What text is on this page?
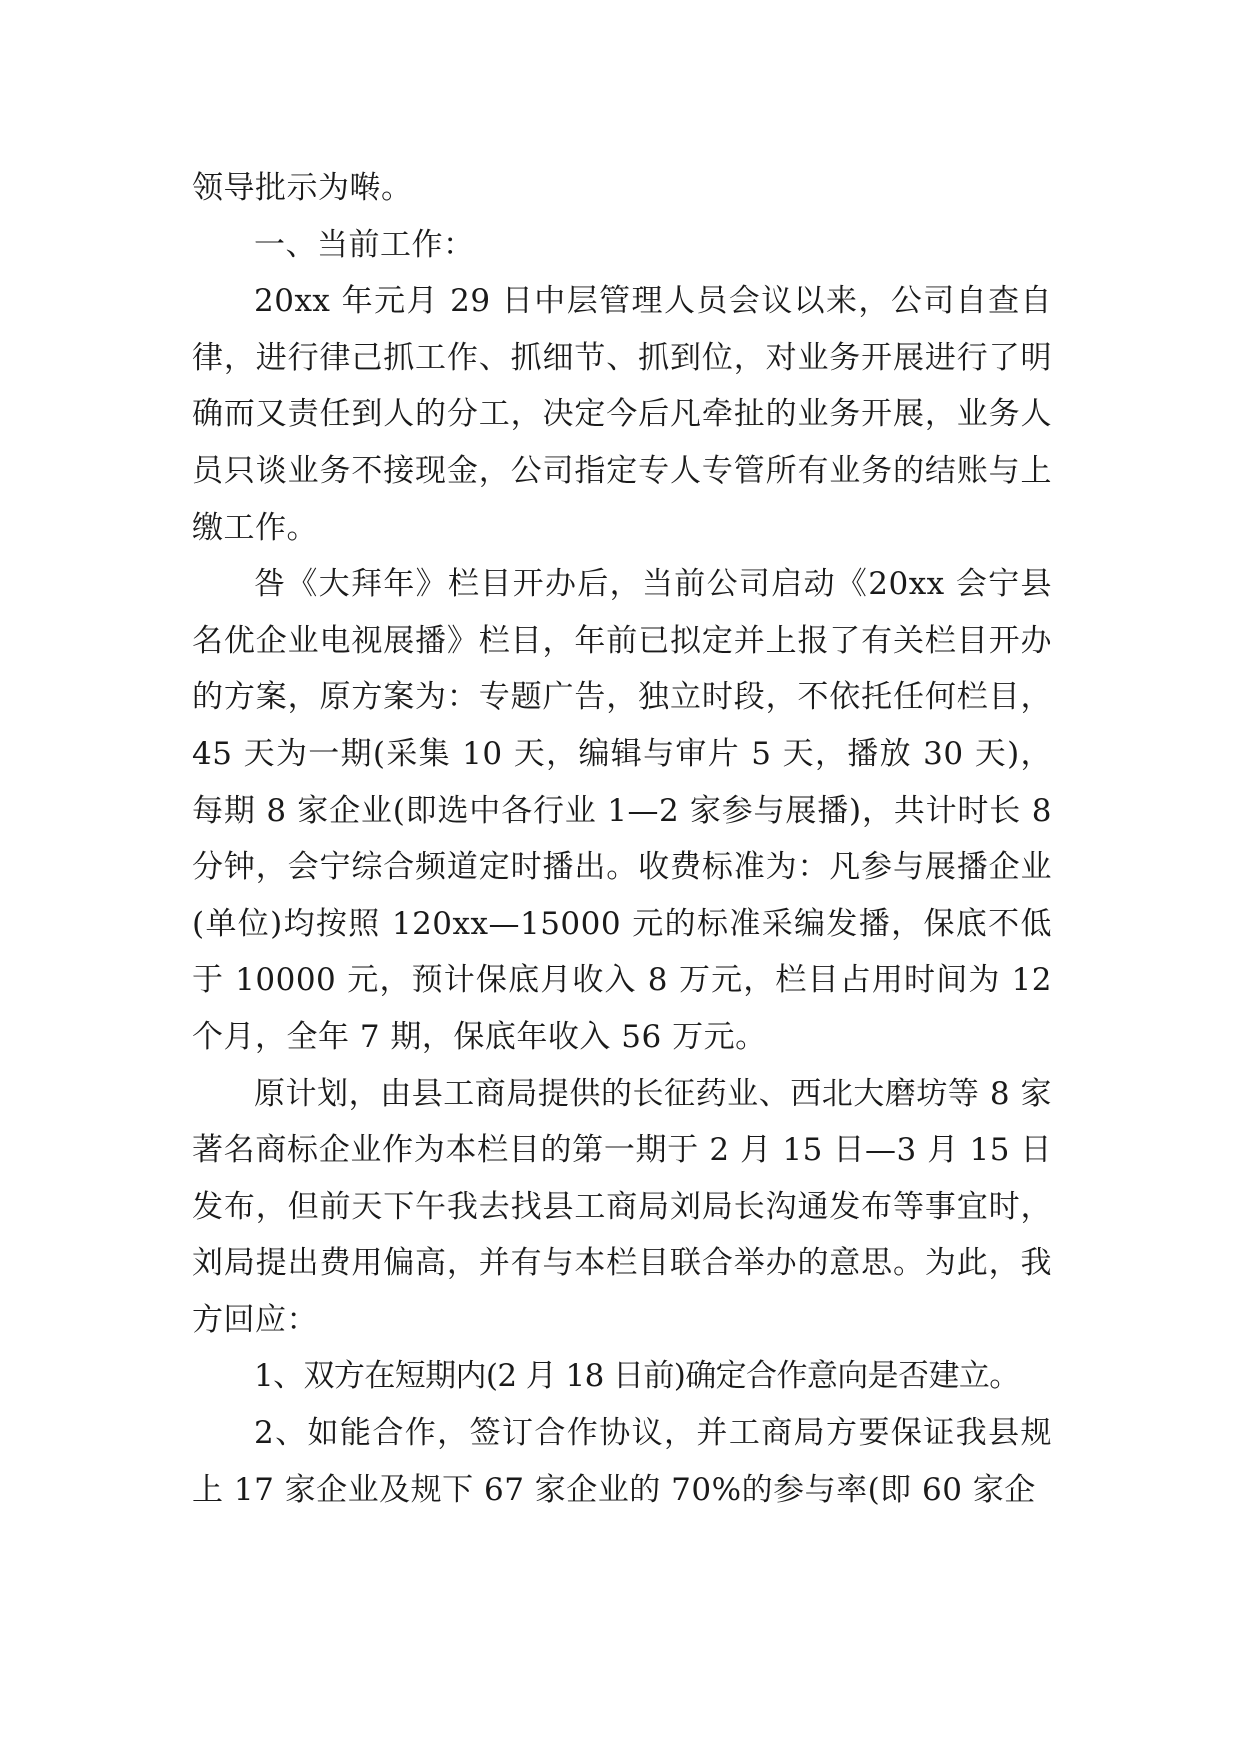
领导批示为啭。

一、当前工作：

20xx 年元月 29 日中层管理人员会议以来，公司自查自律，进行律己抓工作、抓细节、抓到位，对业务开展进行了明确而又责任到人的分工，决定今后凡牵扯的业务开展，业务人员只谈业务不接现金，公司指定专人专管所有业务的结账与上缴工作。

咎《大拜年》栏目开办后，当前公司启动《20xx 会宁县名优企业电视展播》栏目，年前已拟定并上报了有关栏目开办的方案，原方案为：专题广告，独立时段，不依托任何栏目，45 天为一期(采集 10 天，编辑与审片 5 天，播放 30 天)，每期 8 家企业(即选中各行业 1—2 家参与展播)，共计时长 8 分钟，会宁综合频道定时播出。收费标准为：凡参与展播企业(单位)均按照 120xx—15000 元的标准采编发播，保底不低于 10000 元，预计保底月收入 8 万元，栏目占用时间为 12 个月，全年 7 期，保底年收入 56 万元。

原计划，由县工商局提供的长征药业、西北大磨坊等 8 家著名商标企业作为本栏目的第一期于 2 月 15 日—3 月 15 日发布，但前天下午我去找县工商局刘局长沟通发布等事宜时，刘局提出费用偏高，并有与本栏目联合举办的意思。为此，我方回应：

1、双方在短期内(2 月 18 日前)确定合作意向是否建立。

2、如能合作，签订合作协议，并工商局方要保证我县规上 17 家企业及规下 67 家企业的 70%的参与率(即 60 家企
